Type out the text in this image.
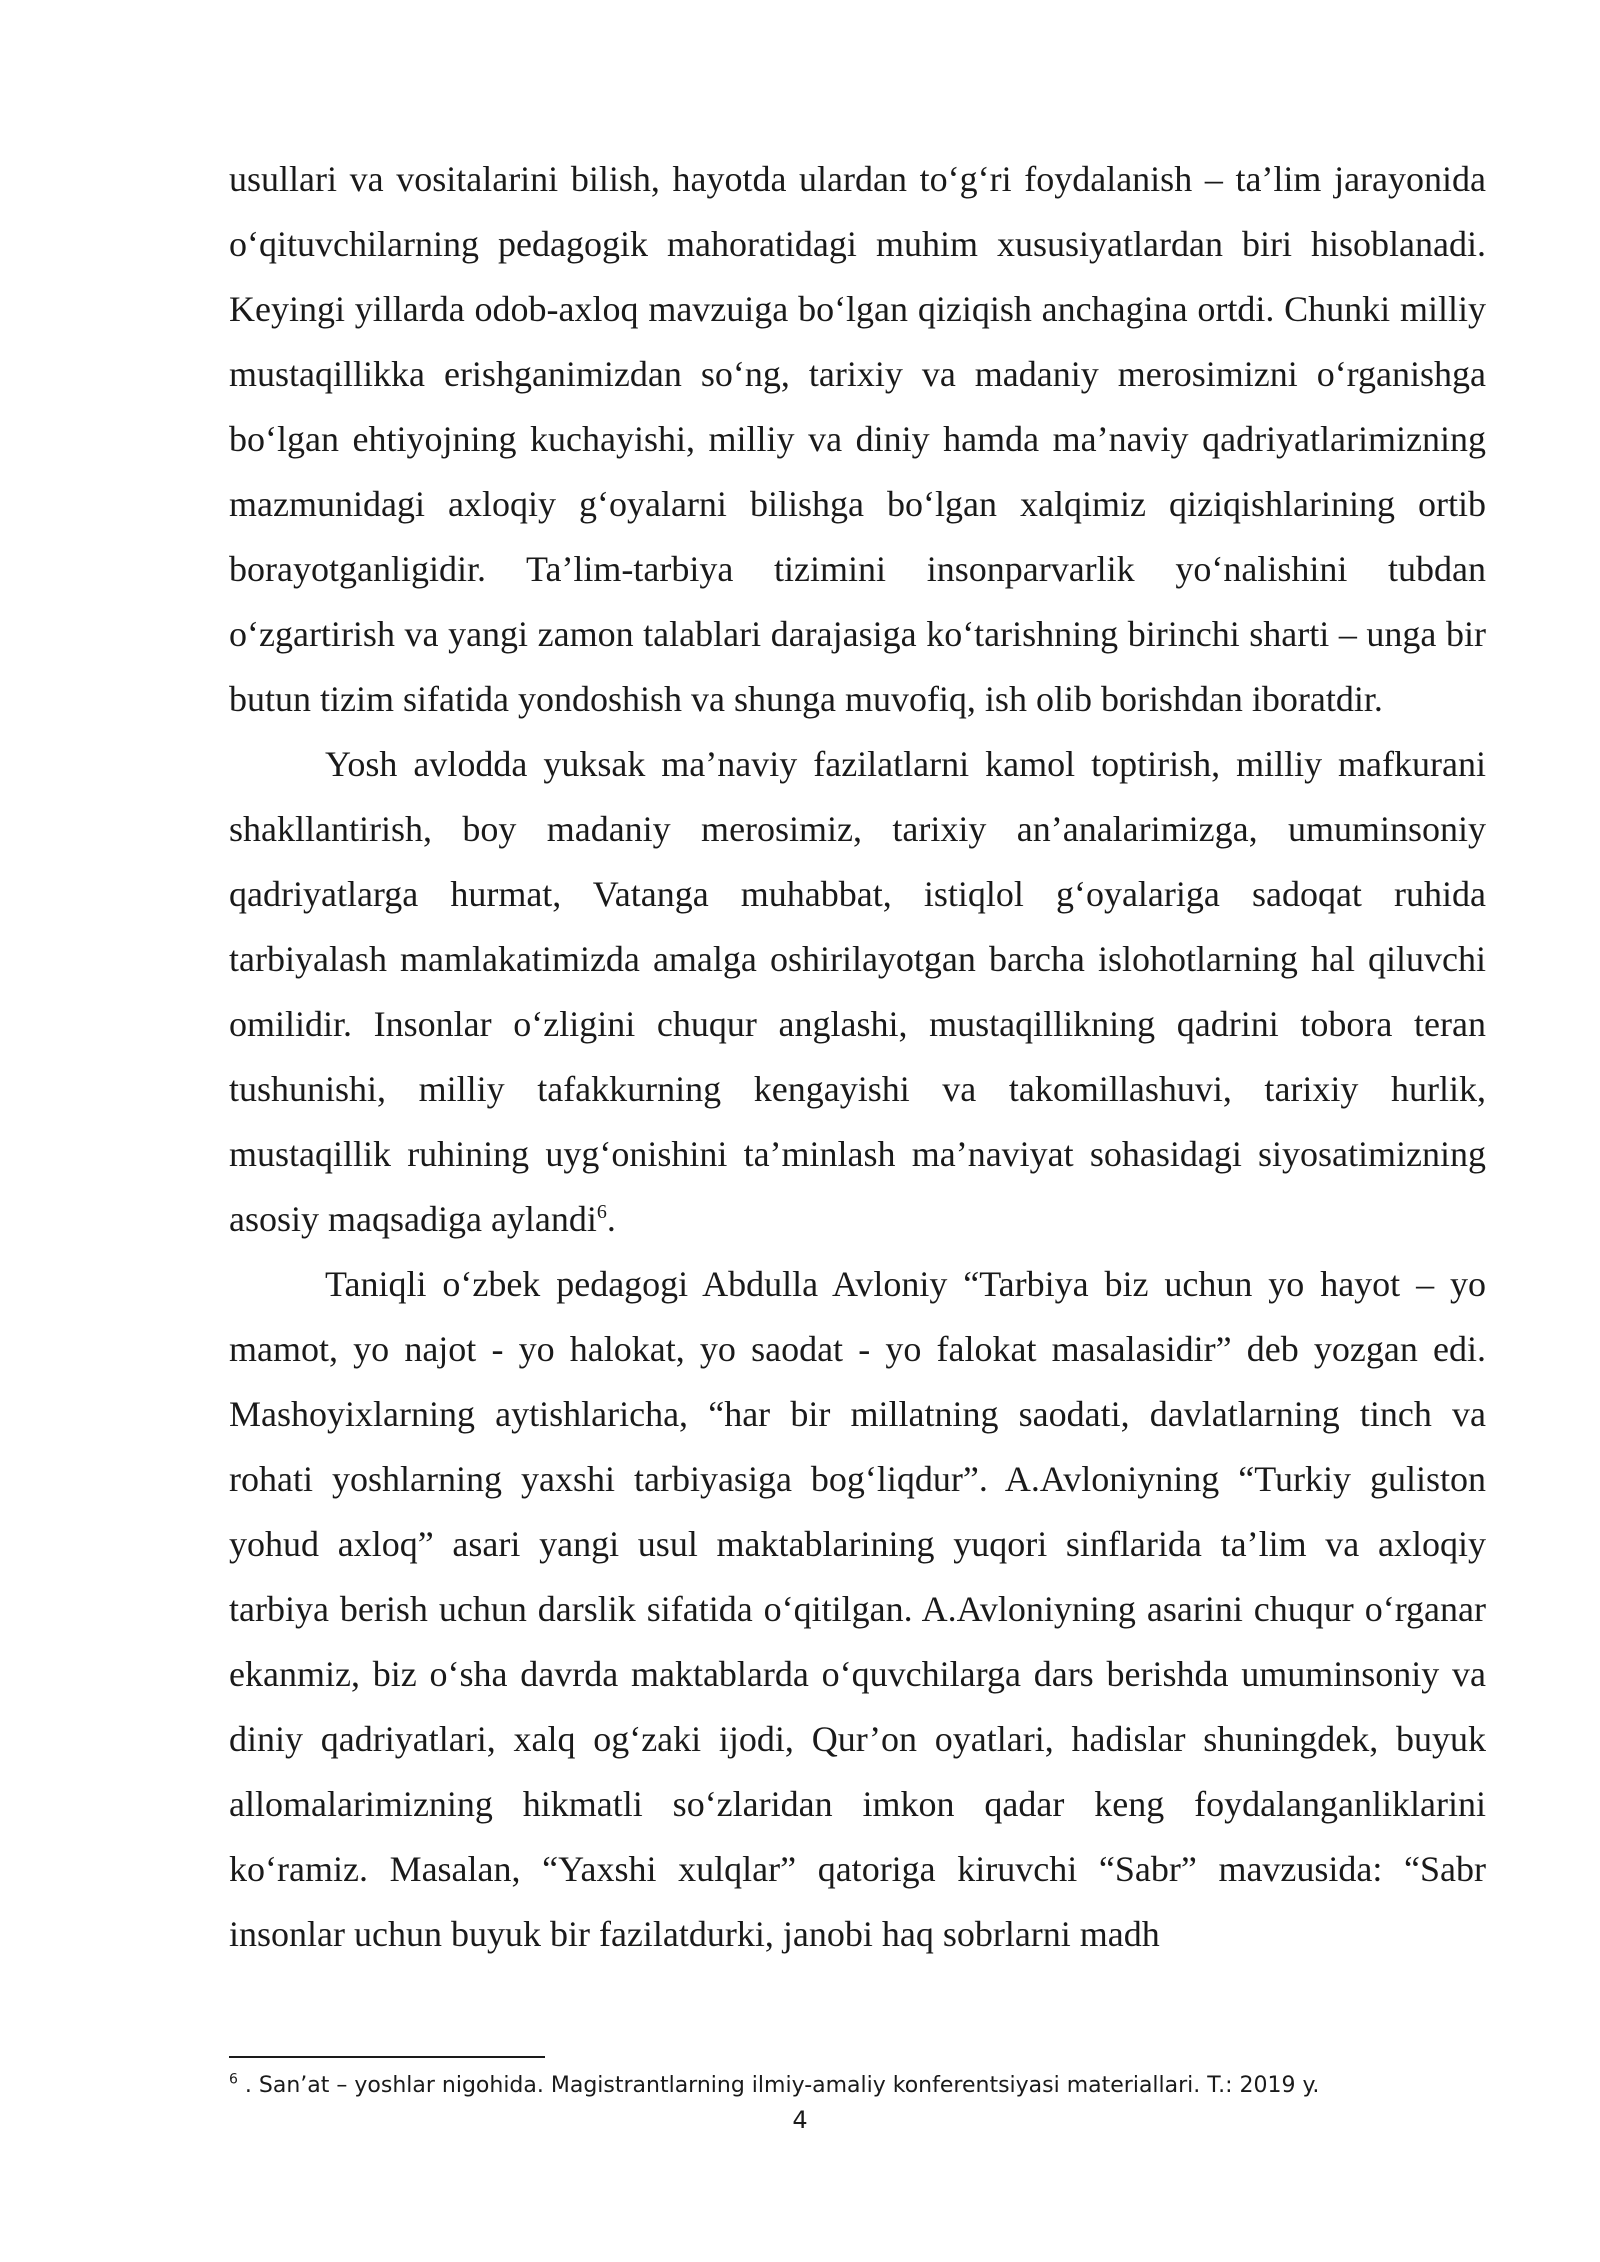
usullari va vositalarini bilish, hayotda ulardan to‘g‘ri foydalanish – ta’lim jarayonida o‘qituvchilarning pedagogik mahoratidagi muhim xususiyatlardan biri hisoblanadi. Keyingi yillarda odob-axloq mavzuiga bo‘lgan qiziqish anchagina ortdi. Chunki milliy mustaqillikka erishganimizdan so‘ng, tarixiy va madaniy merosimizni o‘rganishga bo‘lgan ehtiyojning kuchayishi, milliy va diniy hamda ma’naviy qadriyatlarimizning mazmunidagi axloqiy g‘oyalarni bilishga bo‘lgan xalqimiz qiziqishlarining ortib borayotganligidir. Ta’lim-tarbiya tizimini insonparvarlik yo‘nalishini tubdan o‘zgartirish va yangi zamon talablari darajasiga ko‘tarishning birinchi sharti – unga bir butun tizim sifatida yondoshish va shunga muvofiq, ish olib borishdan iboratdir.

Yosh avlodda yuksak ma’naviy fazilatlarni kamol toptirish, milliy mafkurani shakllantirish, boy madaniy merosimiz, tarixiy an’analarimizga, umuminsoniy qadriyatlarga hurmat, Vatanga muhabbat, istiqlol g‘oyalariga sadoqat ruhida tarbiyalash mamlakatimizda amalga oshirilayotgan barcha islohotlarning hal qiluvchi omilidir. Insonlar o‘zligini chuqur anglashi, mustaqillikning qadrini tobora teran tushunishi, milliy tafakkurning kengayishi va takomillashuvi, tarixiy hurlik, mustaqillik ruhining uyg‘onishini ta’minlash ma’naviyat sohasidagi siyosatimizning asosiy maqsadiga aylandi$^6$.

Taniqli o‘zbek pedagogi Abdulla Avloniy “Tarbiya biz uchun yo hayot – yo mamot, yo najot - yo halokat, yo saodat - yo falokat masalasidir” deb yozgan edi. Mashoyixlarning aytishlaricha, “har bir millatning saodati, davlatlarning tinch va rohati yoshlarning yaxshi tarbiyasiga bog‘liqdur”. A.Avloniyning “Turkiy guliston yohud axloq” asari yangi usul maktablarining yuqori sinflarida ta’lim va axloqiy tarbiya berish uchun darslik sifatida o‘qitilgan. A.Avloniyning asarini chuqur o‘rganar ekanmiz, biz o‘sha davrda maktablarda o‘quvchilarga dars berishda umuminsoniy va diniy qadriyatlari, xalq og‘zaki ijodi, Qur’on oyatlari, hadislar shuningdek, buyuk allomalarimizning hikmatli so‘zlaridan imkon qadar keng foydalanganliklarini ko‘ramiz. Masalan, “Yaxshi xulqlar” qatoriga kiruvchi “Sabr” mavzusida: “Sabr insonlar uchun buyuk bir fazilatdurki, janobi haq sobrlarni madh

$^6$ . San’at – yoshlar nigohida. Magistrantlarning ilmiy-amaliy konferentsiyasi materiallari. T.: 2019 y.
4
